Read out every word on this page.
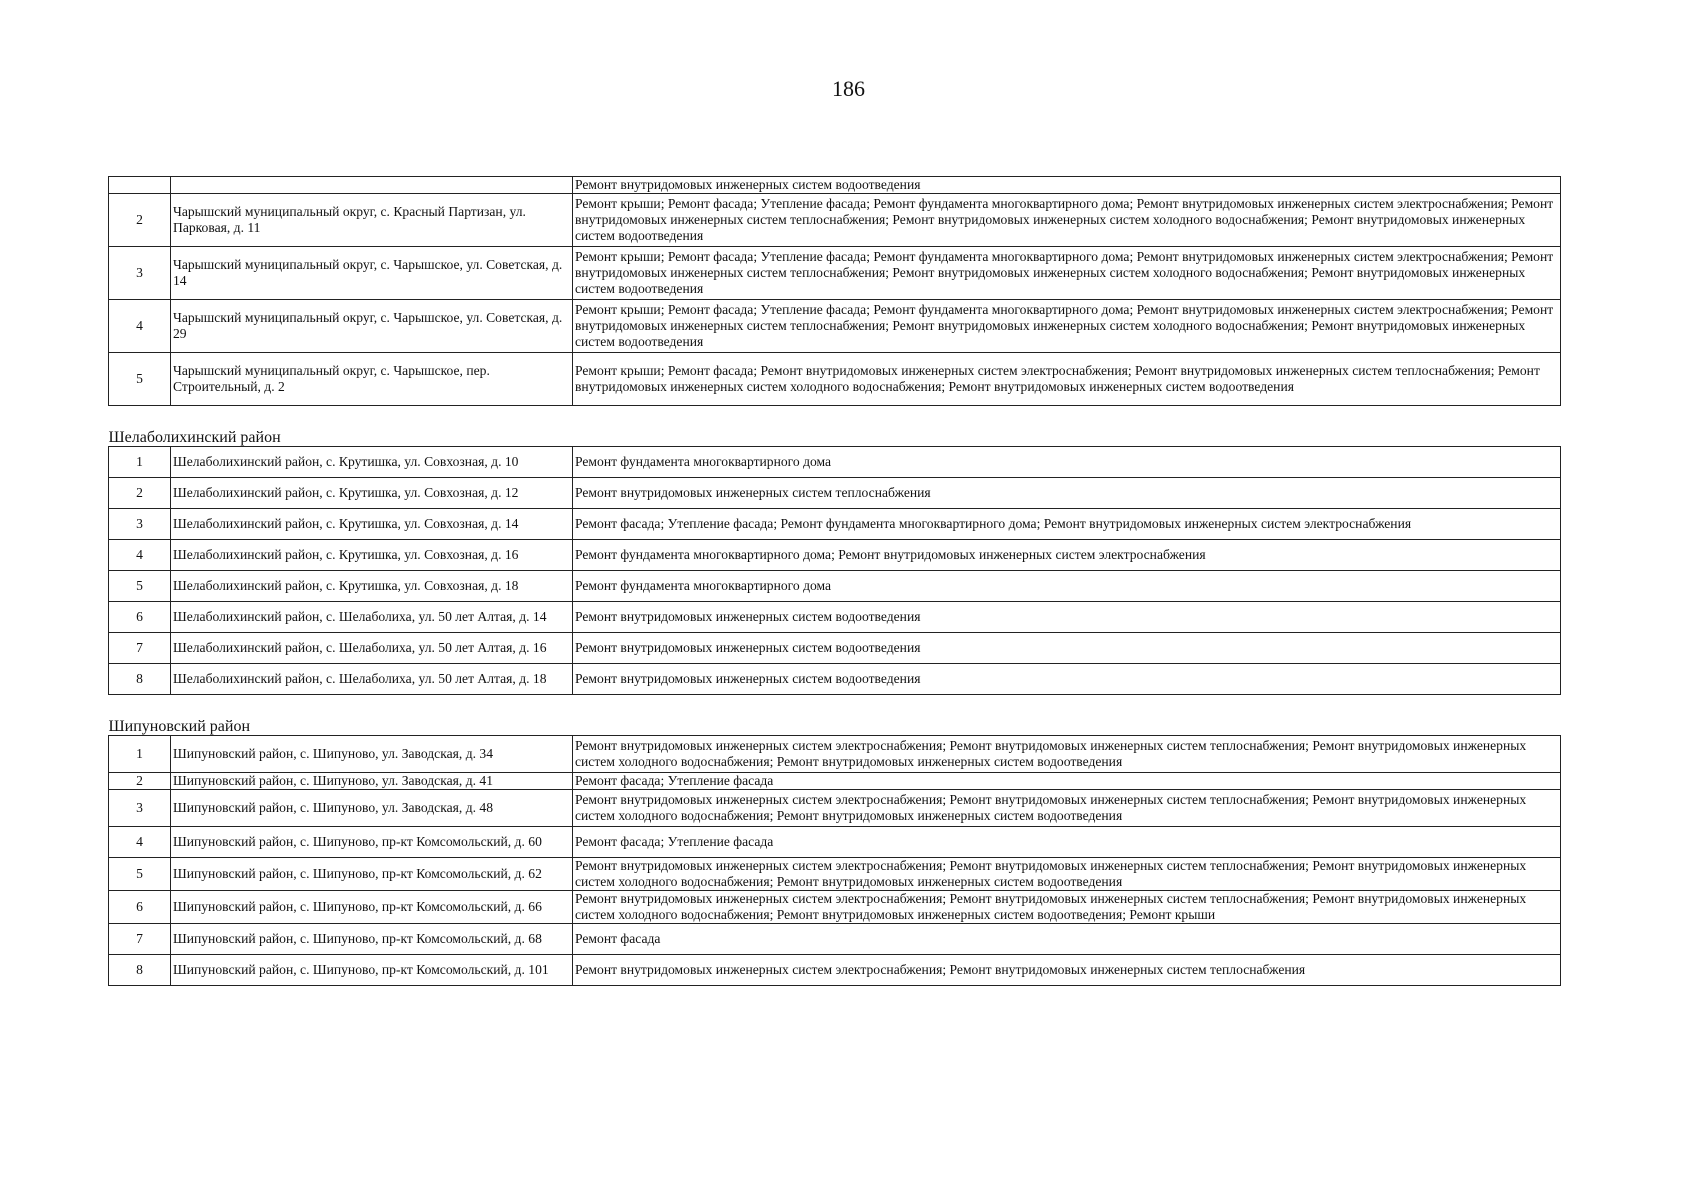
186
		Ремонт внутридомовых инженерных систем водоотведения
2	Чарышский муниципальный округ, с. Красный Партизан, ул. Парковая, д. 11	Ремонт крыши; Ремонт фасада; Утепление фасада; Ремонт фундамента многоквартирного дома; Ремонт внутридомовых инженерных систем электроснабжения; Ремонт внутридомовых инженерных систем теплоснабжения; Ремонт внутридомовых инженерных систем холодного водоснабжения; Ремонт внутридомовых инженерных систем водоотведения
3	Чарышский муниципальный округ, с. Чарышское, ул. Советская, д. 14	Ремонт крыши; Ремонт фасада; Утепление фасада; Ремонт фундамента многоквартирного дома; Ремонт внутридомовых инженерных систем электроснабжения; Ремонт внутридомовых инженерных систем теплоснабжения; Ремонт внутридомовых инженерных систем холодного водоснабжения; Ремонт внутридомовых инженерных систем водоотведения
4	Чарышский муниципальный округ, с. Чарышское, ул. Советская, д. 29	Ремонт крыши; Ремонт фасада; Утепление фасада; Ремонт фундамента многоквартирного дома; Ремонт внутридомовых инженерных систем электроснабжения; Ремонт внутридомовых инженерных систем теплоснабжения; Ремонт внутридомовых инженерных систем холодного водоснабжения; Ремонт внутридомовых инженерных систем водоотведения
5	Чарышский муниципальный округ, с. Чарышское, пер. Строительный, д. 2	Ремонт крыши; Ремонт фасада; Ремонт внутридомовых инженерных систем электроснабжения; Ремонт внутридомовых инженерных систем теплоснабжения; Ремонт внутридомовых инженерных систем холодного водоснабжения; Ремонт внутридомовых инженерных систем водоотведения
Шелаболихинский район		
1	Шелаболихинский район, с. Крутишка, ул. Совхозная, д. 10	Ремонт фундамента многоквартирного дома
2	Шелаболихинский район, с. Крутишка, ул. Совхозная, д. 12	Ремонт внутридомовых инженерных систем теплоснабжения
3	Шелаболихинский район, с. Крутишка, ул. Совхозная, д. 14	Ремонт фасада; Утепление фасада; Ремонт фундамента многоквартирного дома; Ремонт внутридомовых инженерных систем электроснабжения
4	Шелаболихинский район, с. Крутишка, ул. Совхозная, д. 16	Ремонт фундамента многоквартирного дома; Ремонт внутридомовых инженерных систем электроснабжения
5	Шелаболихинский район, с. Крутишка, ул. Совхозная, д. 18	Ремонт фундамента многоквартирного дома
6	Шелаболихинский район, с. Шелаболиха, ул. 50 лет Алтая, д. 14	Ремонт внутридомовых инженерных систем водоотведения
7	Шелаболихинский район, с. Шелаболиха, ул. 50 лет Алтая, д. 16	Ремонт внутридомовых инженерных систем водоотведения
8	Шелаболихинский район, с. Шелаболиха, ул. 50 лет Алтая, д. 18	Ремонт внутридомовых инженерных систем водоотведения
Шипуновский район		
1	Шипуновский район, с. Шипуново, ул. Заводская, д. 34	Ремонт внутридомовых инженерных систем электроснабжения; Ремонт внутридомовых инженерных систем теплоснабжения; Ремонт внутридомовых инженерных систем холодного водоснабжения; Ремонт внутридомовых инженерных систем водоотведения
2	Шипуновский район, с. Шипуново, ул. Заводская, д. 41	Ремонт фасада; Утепление фасада
3	Шипуновский район, с. Шипуново, ул. Заводская, д. 48	Ремонт внутридомовых инженерных систем электроснабжения; Ремонт внутридомовых инженерных систем теплоснабжения; Ремонт внутридомовых инженерных систем холодного водоснабжения; Ремонт внутридомовых инженерных систем водоотведения
4	Шипуновский район, с. Шипуново, пр-кт Комсомольский, д. 60	Ремонт фасада; Утепление фасада
5	Шипуновский район, с. Шипуново, пр-кт Комсомольский, д. 62	Ремонт внутридомовых инженерных систем электроснабжения; Ремонт внутридомовых инженерных систем теплоснабжения; Ремонт внутридомовых инженерных систем холодного водоснабжения; Ремонт внутридомовых инженерных систем водоотведения
6	Шипуновский район, с. Шипуново, пр-кт Комсомольский, д. 66	Ремонт внутридомовых инженерных систем электроснабжения; Ремонт внутридомовых инженерных систем теплоснабжения; Ремонт внутридомовых инженерных систем холодного водоснабжения; Ремонт внутридомовых инженерных систем водоотведения; Ремонт крыши
7	Шипуновский район, с. Шипуново, пр-кт Комсомольский, д. 68	Ремонт фасада
8	Шипуновский район, с. Шипуново, пр-кт Комсомольский, д. 101	Ремонт внутридомовых инженерных систем электроснабжения; Ремонт внутридомовых инженерных систем теплоснабжения
